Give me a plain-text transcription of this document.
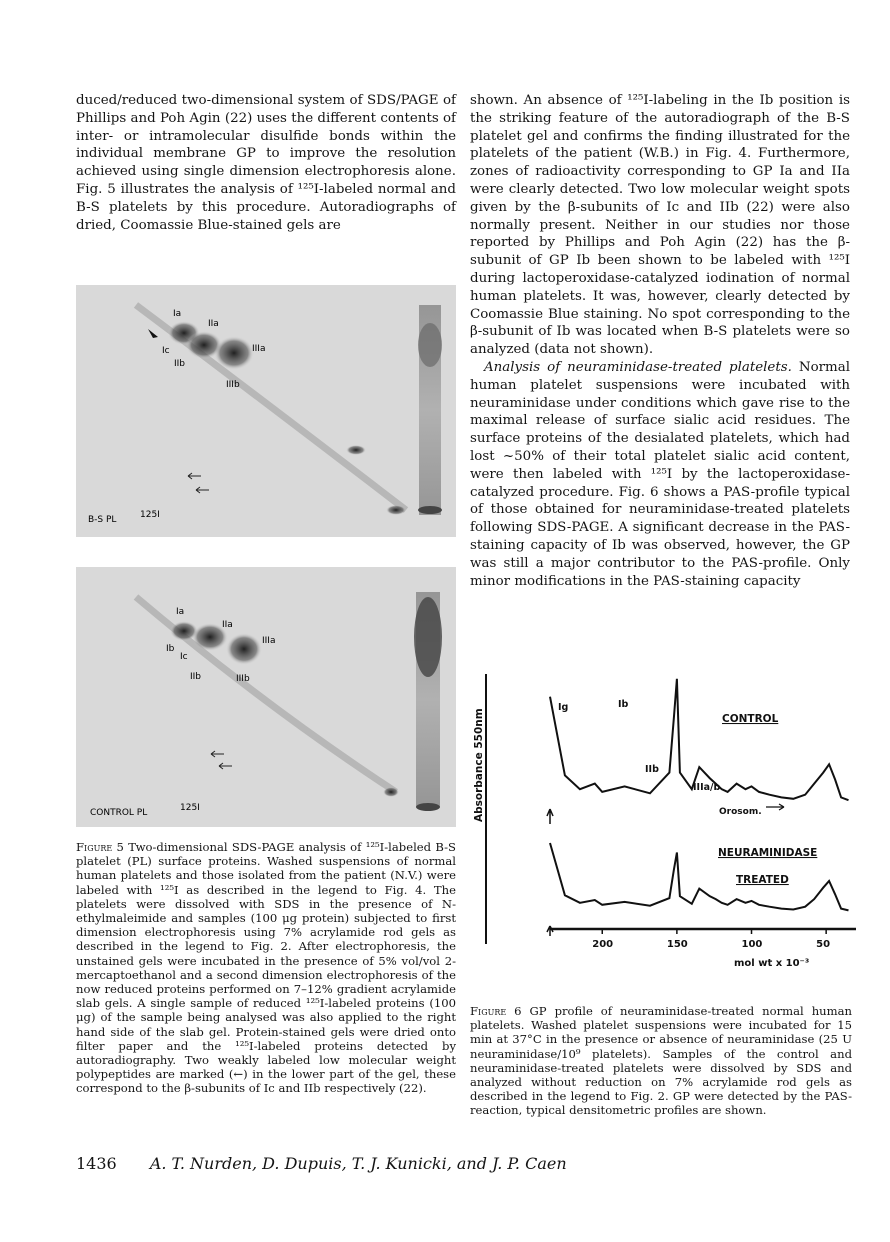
duced/reduced two-dimensional system of SDS/PAGE of Phillips and Poh Agin (22) uses the different contents of inter- or intramolecular disulfide bonds within the individual membrane GP to improve the resolution achieved using single dimension electrophoresis alone. Fig. 5 illustrates the analysis of ¹²⁵I-labeled normal and B-S platelets by this procedure. Autoradiographs of dried, Coomassie Blue-stained gels are

Ia
IIa
Ic
IIb
IIIa
IIIb
B-S PL	125I
Ia
IIa
Ib
Ic
IIb
IIIa
IIIb
CONTROL PL	125I
Figure 5 Two-dimensional SDS-PAGE analysis of ¹²⁵I-labeled B-S platelet (PL) surface proteins. Washed suspensions of normal human platelets and those isolated from the patient (N.V.) were labeled with ¹²⁵I as described in the legend to Fig. 4. The platelets were dissolved with SDS in the presence of N-ethylmaleimide and samples (100 μg protein) subjected to first dimension electrophoresis using 7% acrylamide rod gels as described in the legend to Fig. 2. After electrophoresis, the unstained gels were incubated in the presence of 5% vol/vol 2-mercaptoethanol and a second dimension electrophoresis of the now reduced proteins performed on 7–12% gradient acrylamide slab gels. A single sample of reduced ¹²⁵I-labeled proteins (100 μg) of the sample being analysed was also applied to the right hand side of the slab gel. Protein-stained gels were dried onto filter paper and the ¹²⁵I-labeled proteins detected by autoradiography. Two weakly labeled low molecular weight polypeptides are marked (←) in the lower part of the gel, these correspond to the β-subunits of Ic and IIb respectively (22).

shown. An absence of ¹²⁵I-labeling in the Ib position is the striking feature of the autoradiograph of the B-S platelet gel and confirms the finding illustrated for the platelets of the patient (W.B.) in Fig. 4. Furthermore, zones of radioactivity corresponding to GP Ia and IIa were clearly detected. Two low molecular weight spots given by the β-subunits of Ic and IIb (22) were also normally present. Neither in our studies nor those reported by Phillips and Poh Agin (22) has the β-subunit of GP Ib been shown to be labeled with ¹²⁵I during lactoperoxidase-catalyzed iodination of normal human platelets. It was, however, clearly detected by Coomassie Blue staining. No spot corresponding to the β-subunit of Ib was located when B-S platelets were so analyzed (data not shown).

Analysis of neuraminidase-treated platelets. Normal human platelet suspensions were incubated with neuraminidase under conditions which gave rise to the maximal release of surface sialic acid residues. The surface proteins of the desialated platelets, which had lost ~50% of their total platelet sialic acid content, were then labeled with ¹²⁵I by the lactoperoxidase-catalyzed procedure. Fig. 6 shows a PAS-profile typical of those obtained for neuraminidase-treated platelets following SDS-PAGE. A significant decrease in the PAS-staining capacity of Ib was observed, however, the GP was still a major contributor to the PAS-profile. Only minor modifications in the PAS-staining capacity

Absorbance 550nm
200	150	100	50
mol wt x 10⁻³
Ig	Ib
IIb
IIIa/b
Orosom.
CONTROL
NEURAMINIDASE
TREATED
Figure 6 GP profile of neuraminidase-treated normal human platelets. Washed platelet suspensions were incubated for 15 min at 37°C in the presence or absence of neuraminidase (25 U neuraminidase/10⁹ platelets). Samples of the control and neuraminidase-treated platelets were dissolved by SDS and analyzed without reduction on 7% acrylamide rod gels as described in the legend to Fig. 2. GP were detected by the PAS-reaction, typical densitometric profiles are shown.
1436 A. T. Nurden, D. Dupuis, T. J. Kunicki, and J. P. Caen
